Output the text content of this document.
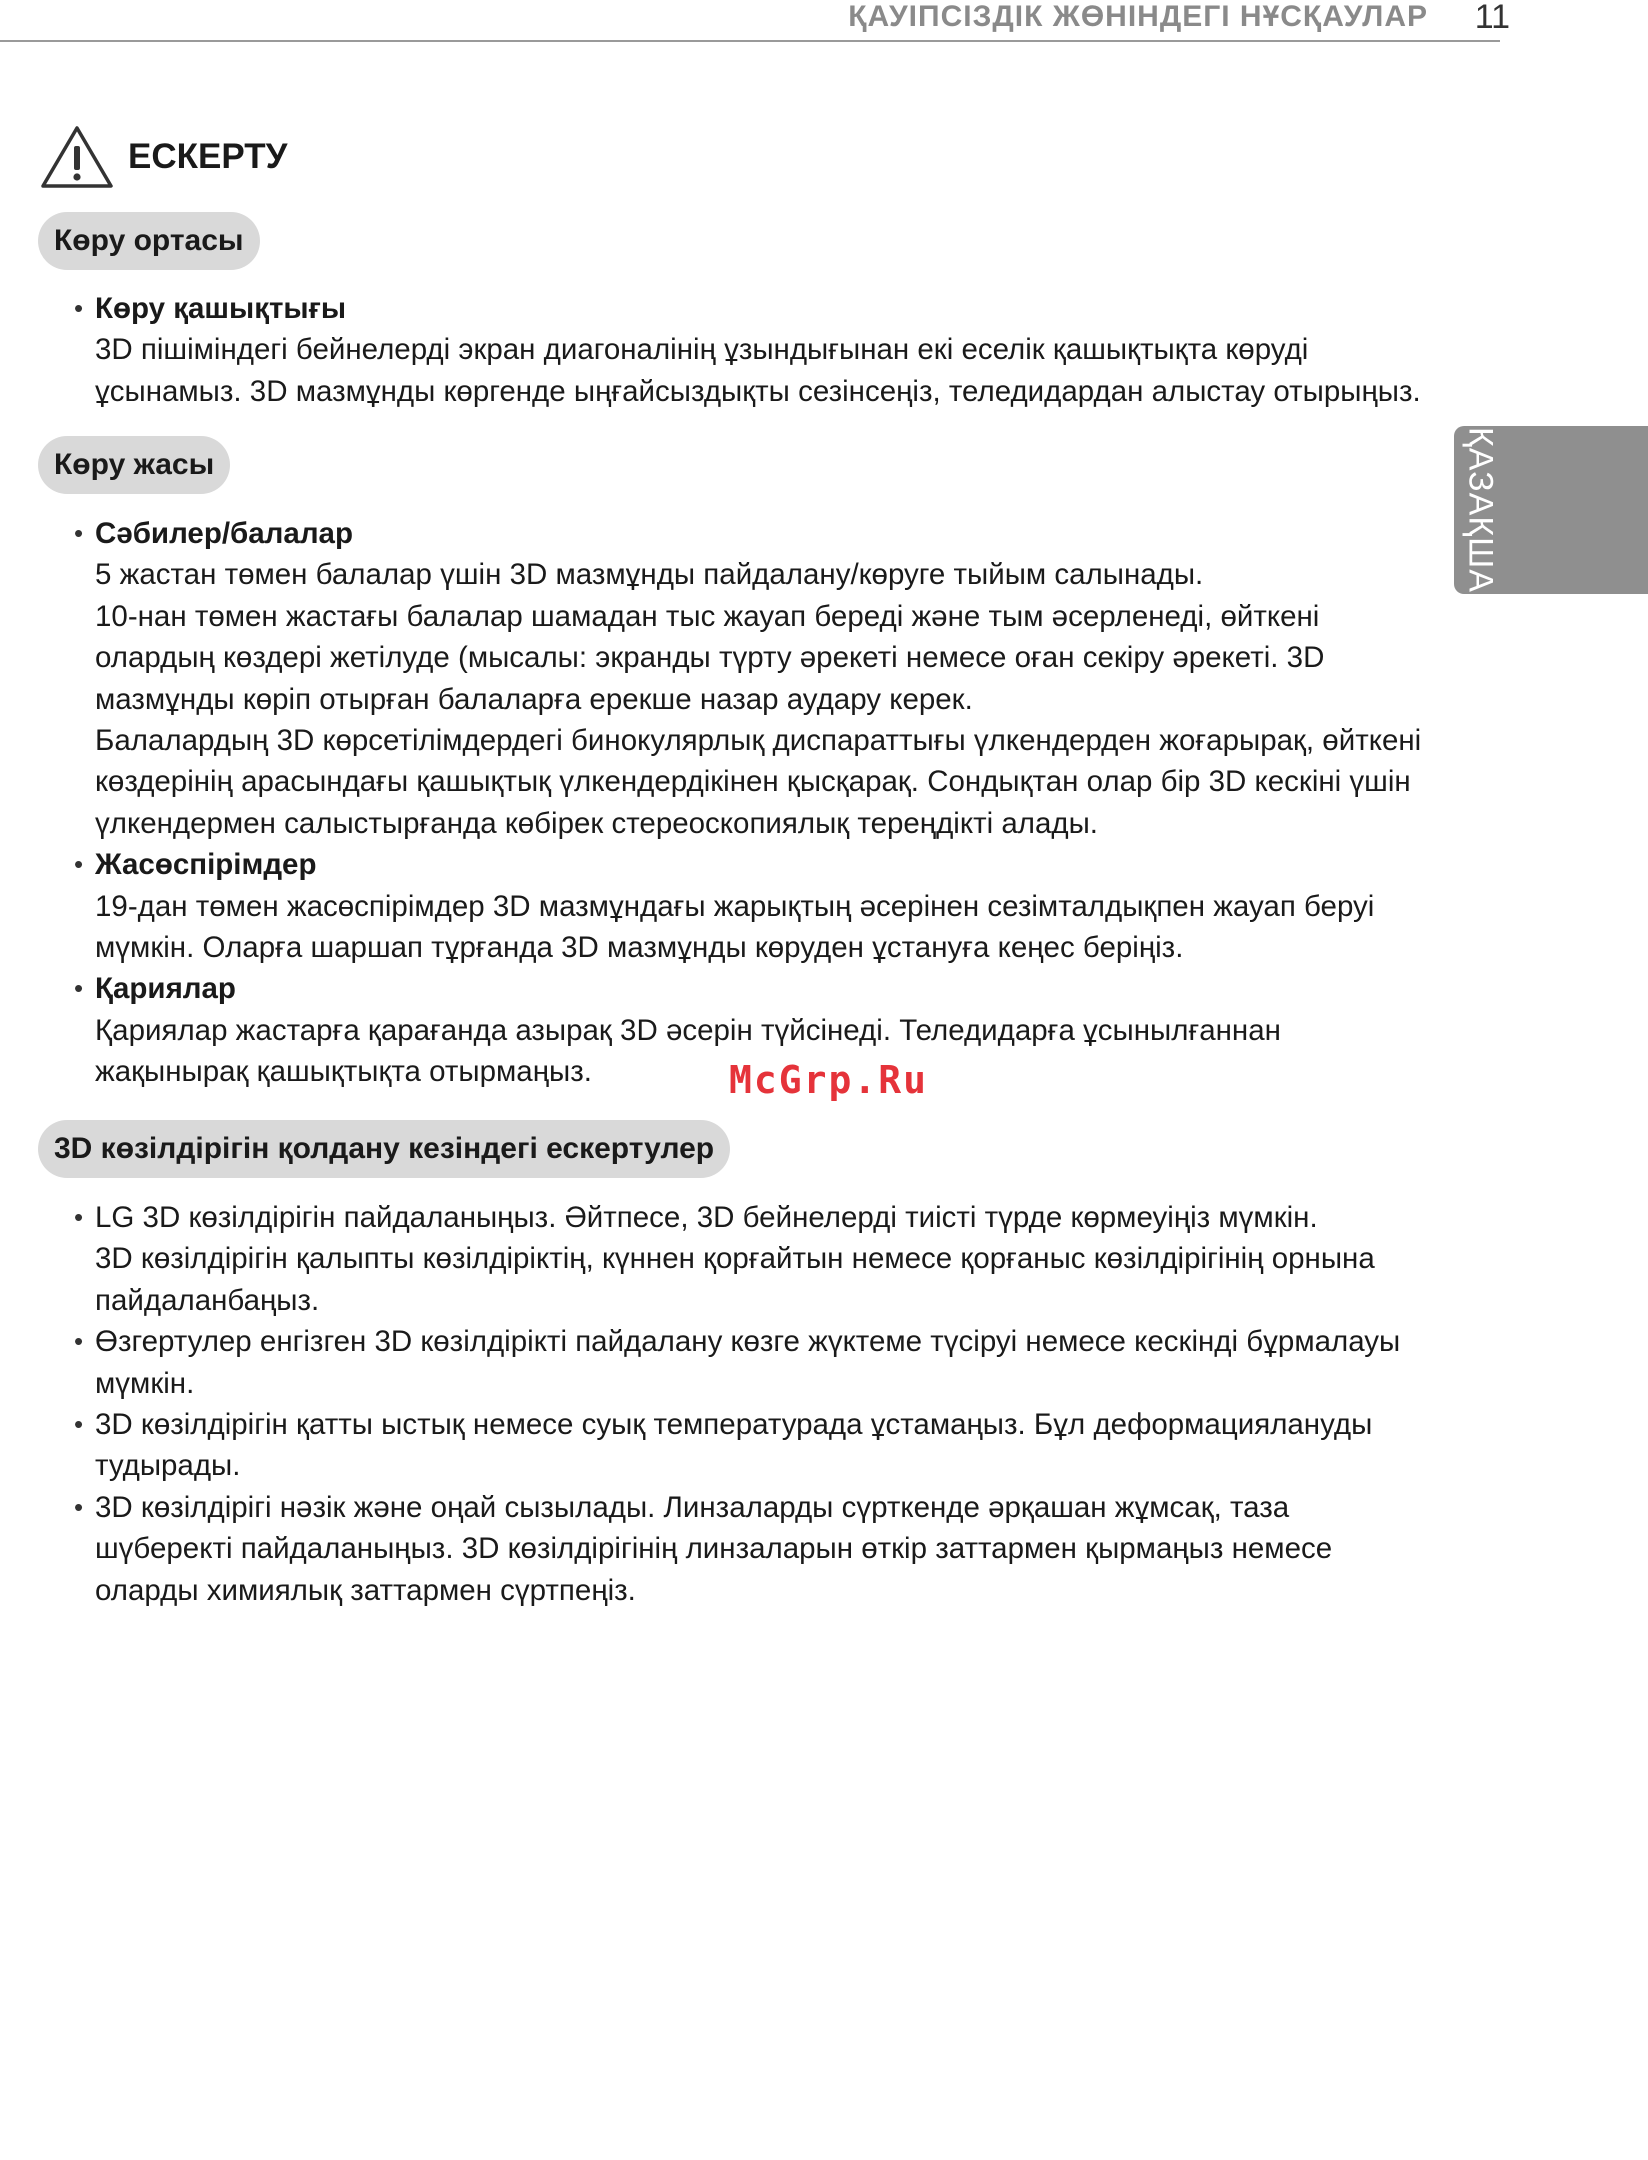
ҚАУІПСІЗДІК ЖӨНІНДЕГІ НҰСҚАУЛАР 11
ҚАЗАҚША
ЕСКЕРТУ
Көру ортасы
• Көру қашықтығы
3D пішіміндегі бейнелерді экран диагоналінің ұзындығынан екі еселік қашықтықта көруді
ұсынамыз. 3D мазмұнды көргенде ыңғайсыздықты сезінсеңіз, теледидардан алыстау отырыңыз.
Көру жасы
• Сәбилер/балалар
5 жастан төмен балалар үшін 3D мазмұнды пайдалану/көруге тыйым салынады.
10-нан төмен жастағы балалар шамадан тыс жауап береді және тым әсерленеді, өйткені
олардың көздері жетілуде (мысалы: экранды түрту әрекеті немесе оған секіру әрекеті. 3D
мазмұнды көріп отырған балаларға ерекше назар аудару керек.
Балалардың 3D көрсетілімдердегі бинокулярлық диспараттығы үлкендерден жоғарырақ, өйткені
көздерінің арасындағы қашықтық үлкендердікінен қысқарақ. Сондықтан олар бір 3D кескіні үшін
үлкендермен салыстырғанда көбірек стереоскопиялық тереңдікті алады.
• Жасөспірімдер
19-дан төмен жасөспірімдер 3D мазмұндағы жарықтың әсерінен сезімталдықпен жауап беруі
мүмкін. Оларға шаршап тұрғанда 3D мазмұнды көруден ұстануға кеңес беріңіз.
• Қариялар
Қариялар жастарға қарағанда азырақ 3D әсерін түйсінеді. Теледидарға ұсынылғаннан
жақынырақ қашықтықта отырмаңыз.	McGrp.Ru
3D көзілдірігін қолдану кезіндегі ескертулер
• LG 3D көзілдірігін пайдаланыңыз. Әйтпесе, 3D бейнелерді тиісті түрде көрмеуіңіз мүмкін.
3D көзілдірігін қалыпты көзілдіріктің, күннен қорғайтын немесе қорғаныс көзілдірігінің орнына
пайдаланбаңыз.
• Өзгертулер енгізген 3D көзілдірікті пайдалану көзге жүктеме түсіруі немесе кескінді бұрмалауы
мүмкін.
• 3D көзілдірігін қатты ыстық немесе суық температурада ұстамаңыз. Бұл деформациялануды
тудырады.
• 3D көзілдірігі нәзік және оңай сызылады. Линзаларды сүрткенде әрқашан жұмсақ, таза
шүберекті пайдаланыңыз. 3D көзілдірігінің линзаларын өткір заттармен қырмаңыз немесе
оларды химиялық заттармен сүртпеңіз.
